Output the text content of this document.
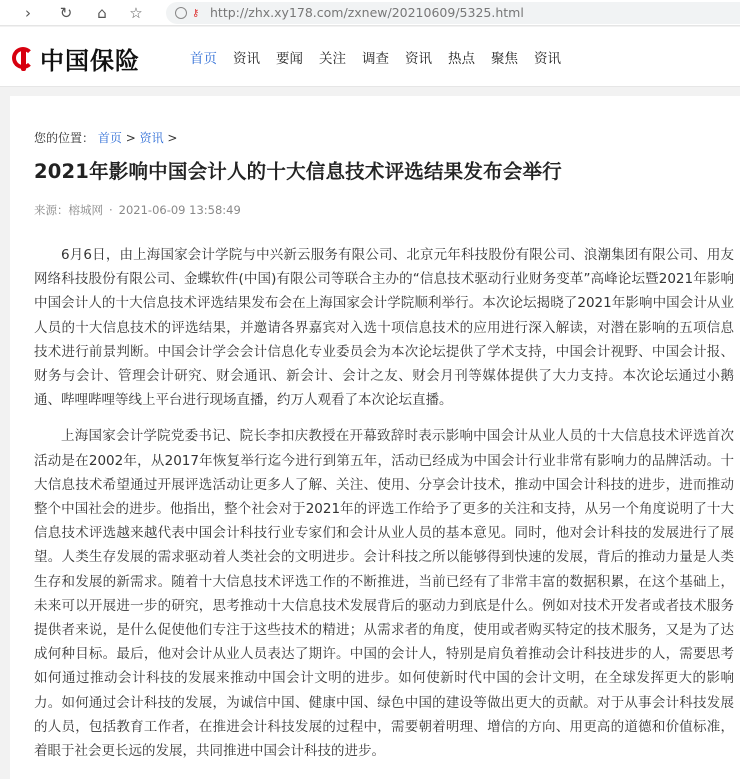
›	↻	⌂	☆	⚷ http://zhx.xy178.com/zxnew/20210609/5325.html
中国保险	首页 资讯 要闻 关注 调查 资讯 热点 聚焦 资讯
您的位置： 首页 > 资讯 >
2021年影响中国会计人的十大信息技术评选结果发布会举行
来源：榕城网 · 2021-06-09 13:58:49

6月6日，由上海国家会计学院与中兴新云服务有限公司、北京元年科技股份有限公司、浪潮集团有限公司、用友网络科技股份有限公司、金蝶软件(中国)有限公司等联合主办的“信息技术驱动行业财务变革”高峰论坛暨2021年影响中国会计人的十大信息技术评选结果发布会在上海国家会计学院顺利举行。本次论坛揭晓了2021年影响中国会计从业人员的十大信息技术的评选结果，并邀请各界嘉宾对入选十项信息技术的应用进行深入解读，对潜在影响的五项信息技术进行前景判断。中国会计学会会计信息化专业委员会为本次论坛提供了学术支持，中国会计视野、中国会计报、财务与会计、管理会计研究、财会通讯、新会计、会计之友、财会月刊等媒体提供了大力支持。本次论坛通过小鹅通、哔哩哔哩等线上平台进行现场直播，约万人观看了本次论坛直播。

上海国家会计学院党委书记、院长李扣庆教授在开幕致辞时表示影响中国会计从业人员的十大信息技术评选首次活动是在2002年，从2017年恢复举行迄今进行到第五年，活动已经成为中国会计行业非常有影响力的品牌活动。十大信息技术希望通过开展评选活动让更多人了解、关注、使用、分享会计技术，推动中国会计科技的进步，进而推动整个中国社会的进步。他指出，整个社会对于2021年的评选工作给予了更多的关注和支持，从另一个角度说明了十大信息技术评选越来越代表中国会计科技行业专家们和会计从业人员的基本意见。同时，他对会计科技的发展进行了展望。人类生存发展的需求驱动着人类社会的文明进步。会计科技之所以能够得到快速的发展，背后的推动力量是人类生存和发展的新需求。随着十大信息技术评选工作的不断推进，当前已经有了非常丰富的数据积累，在这个基础上，未来可以开展进一步的研究，思考推动十大信息技术发展背后的驱动力到底是什么。例如对技术开发者或者技术服务提供者来说，是什么促使他们专注于这些技术的精进；从需求者的角度，使用或者购买特定的技术服务，又是为了达成何种目标。最后，他对会计从业人员表达了期许。中国的会计人，特别是肩负着推动会计科技进步的人，需要思考如何通过推动会计科技的发展来推动中国会计文明的进步。如何使新时代中国的会计文明，在全球发挥更大的影响力。如何通过会计科技的发展，为诚信中国、健康中国、绿色中国的建设等做出更大的贡献。对于从事会计科技发展的人员，包括教育工作者，在推进会计科技发展的过程中，需要朝着明理、增信的方向、用更高的道德和价值标准，着眼于社会更长远的发展，共同推进中国会计科技的进步。
